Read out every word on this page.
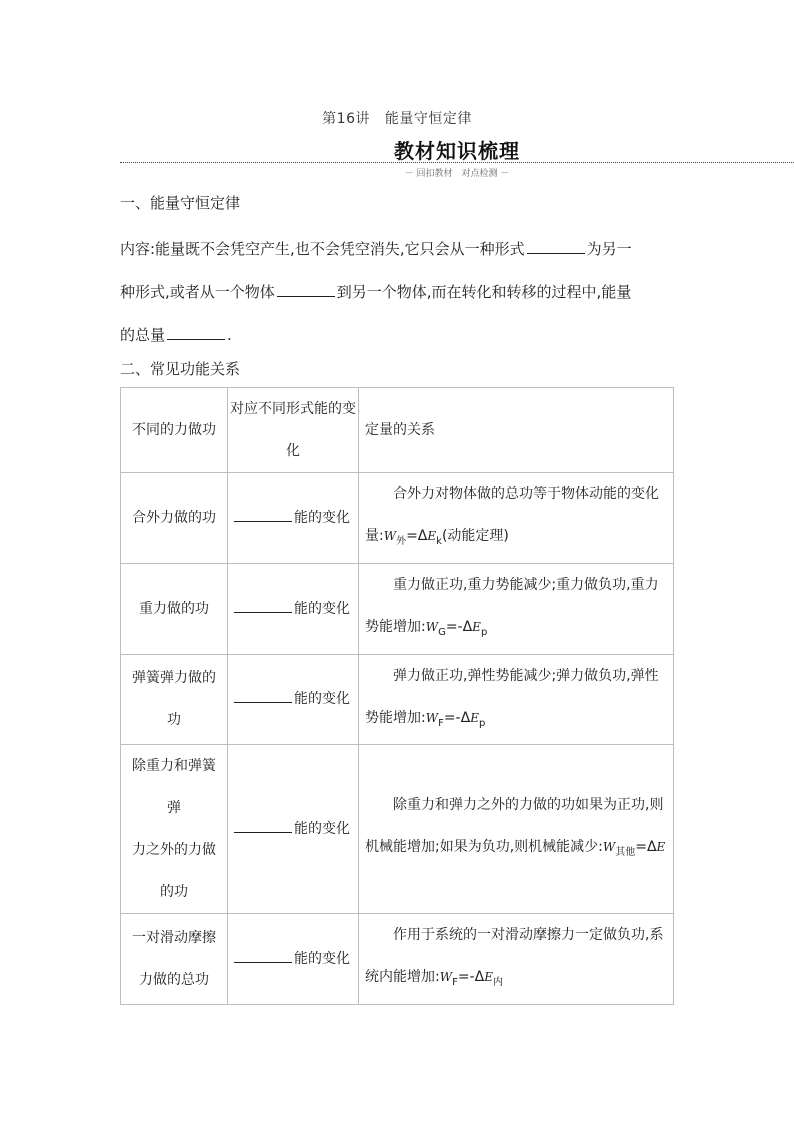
第16讲 能量守恒定律
教材知识梳理
－ 回扣教材　对点检测 －
一、能量守恒定律
内容:能量既不会凭空产生,也不会凭空消失,它只会从一种形式	为另一
种形式,或者从一个物体	到另一个物体,而在转化和转移的过程中,能量
的总量	.
二、常见功能关系
不同的力做功	对应不同形式能的变化	定量的关系
合外力做的功	能的变化	合外力对物体做的总功等于物体动能的变化量$:W_外=\Delta E_k$(动能定理)

重力做的功	能的变化	重力做正功,重力势能减少;重力做负功,重力势能增加$:W_G=-\Delta E_p$

弹簧弹力做的功	能的变化	弹力做正功,弹性势能减少;弹力做负功,弹性势能增加$:W_F=-\Delta E_p$

除重力和弹簧
弹
力之外的力做
的功	能的变化	除重力和弹力之外的力做的功如果为正功,则机械能增加;如果为负功,则机械能减少$:W_{其他}=\Delta E$

一对滑动摩擦力做的总功	能的变化	作用于系统的一对滑动摩擦力一定做负功,系统内能增加$:W_F=-\Delta E_内$
